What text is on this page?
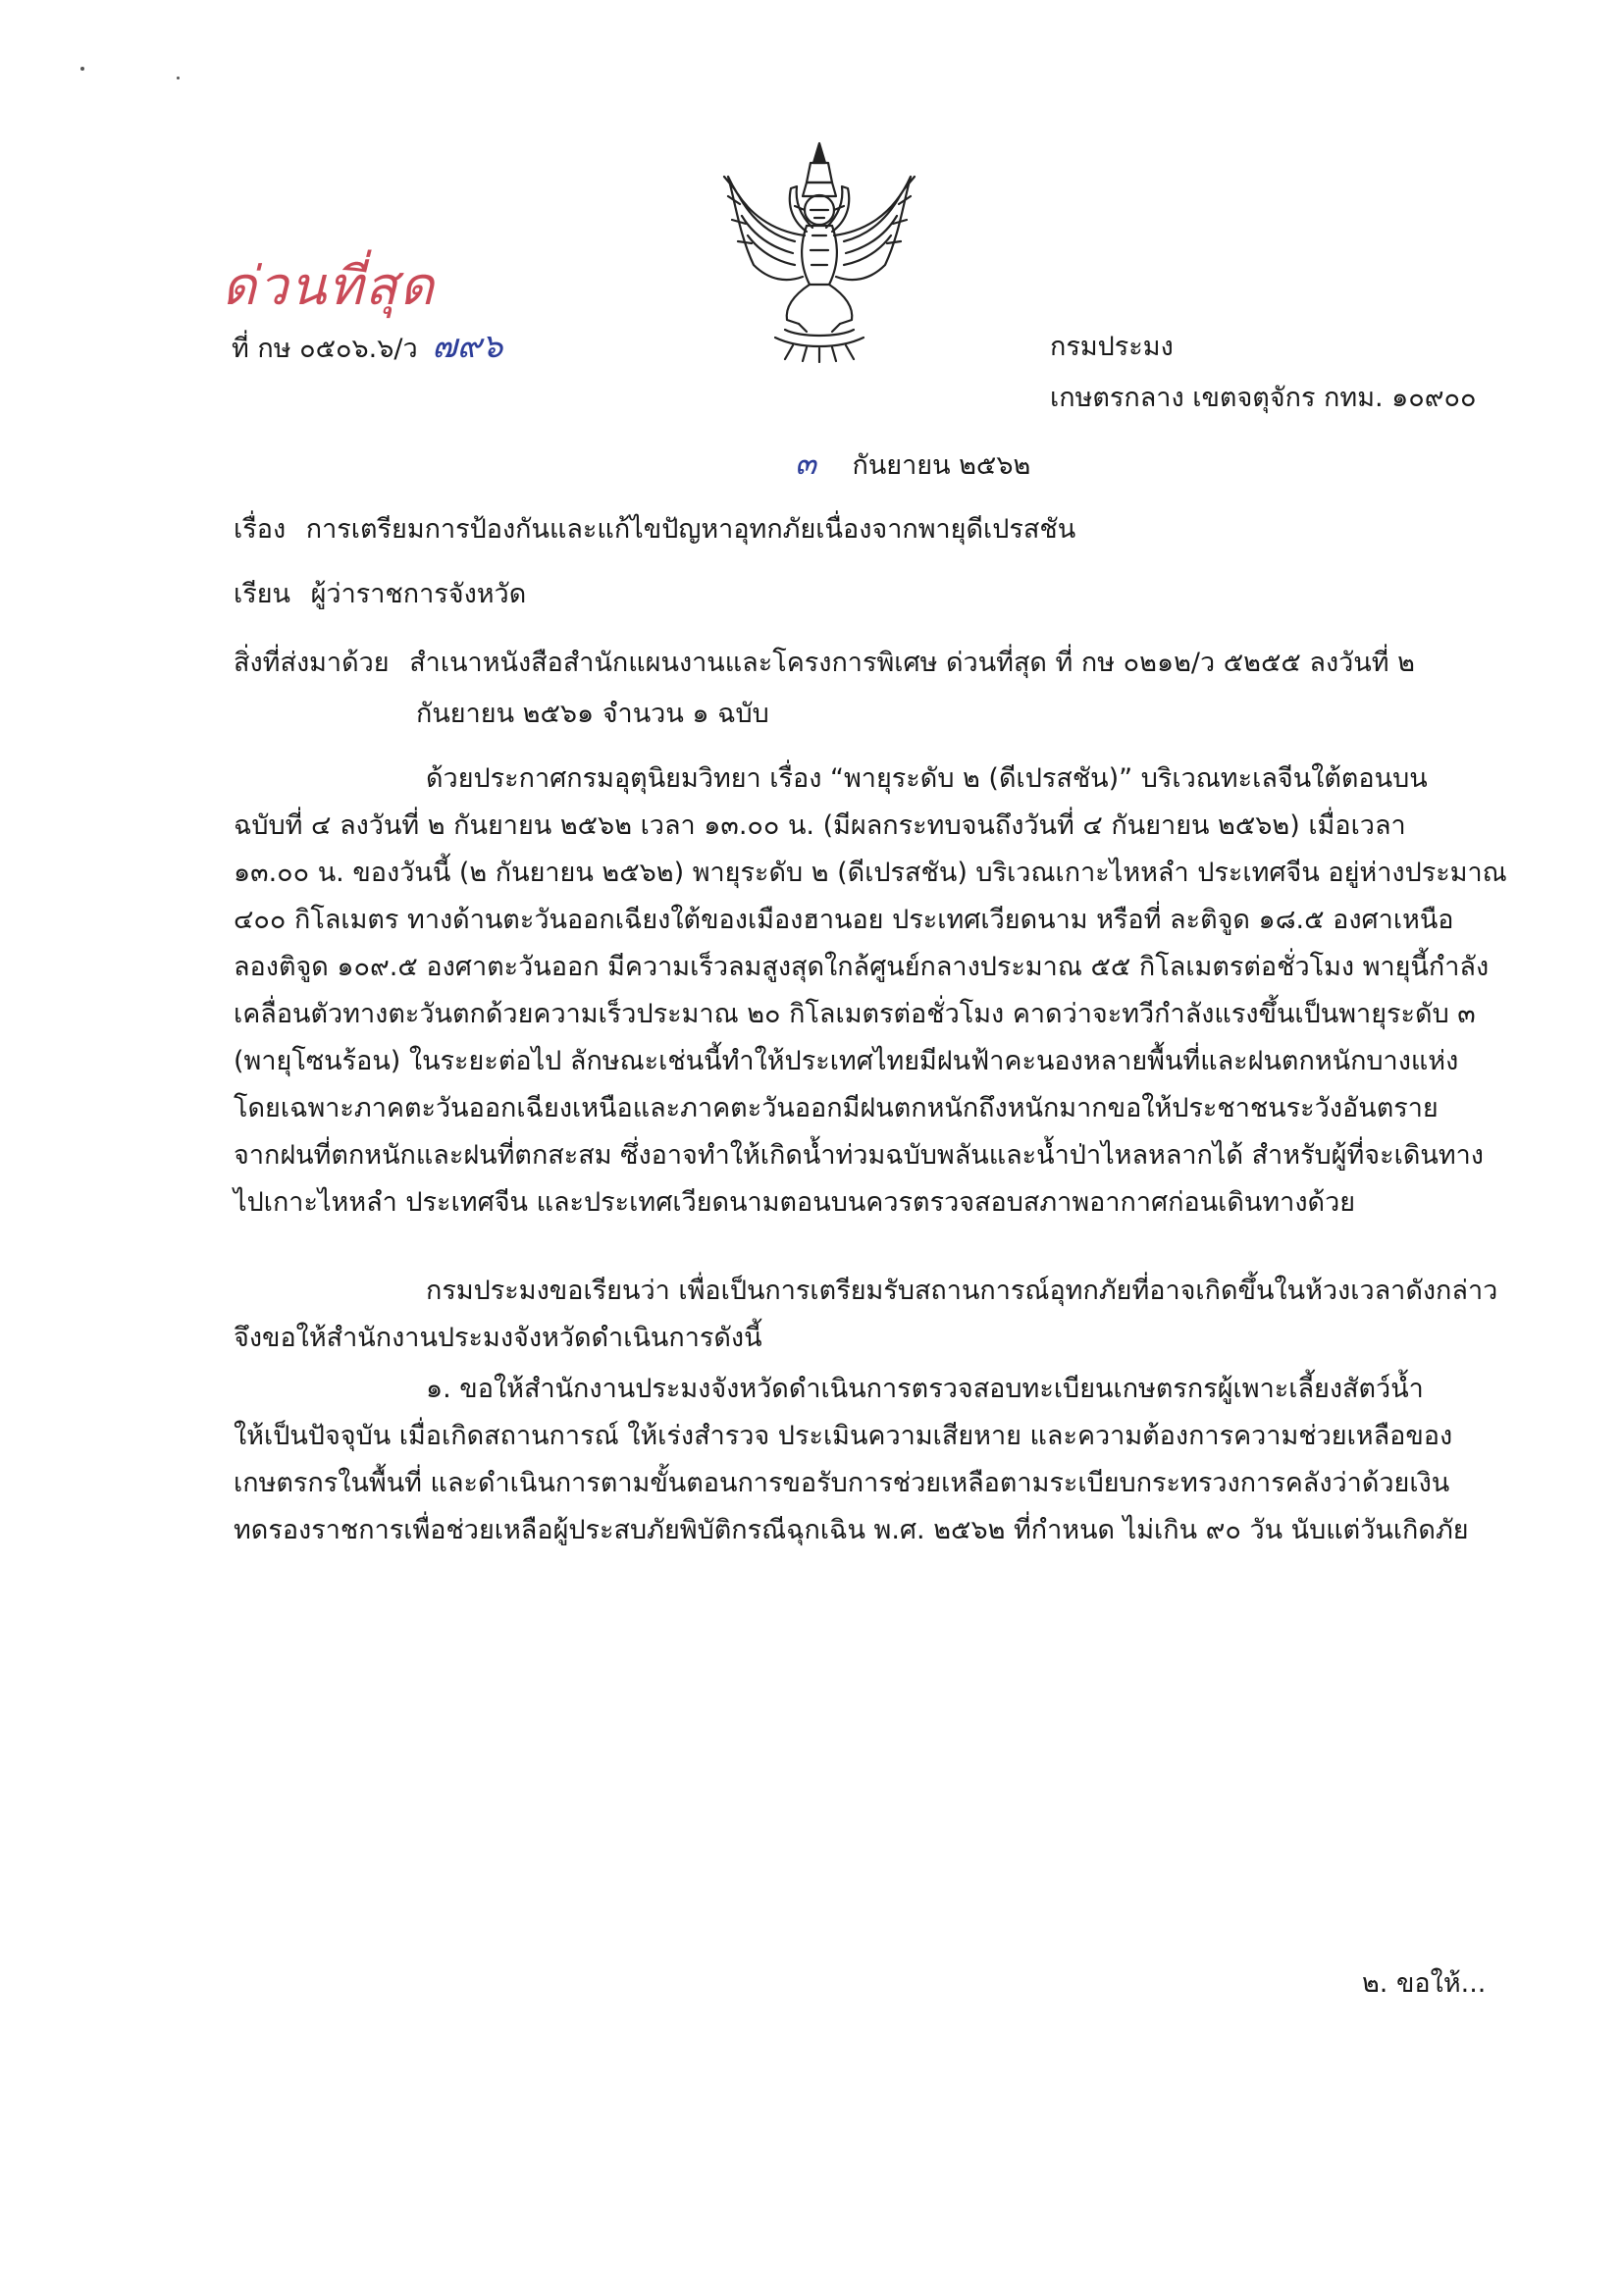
ด่วนที่สุด
ที่ กษ ๐๕๐๖.๖/ว ๗๙๖	กรมประมง
เกษตรกลาง เขตจตุจักร กทม. ๑๐๙๐๐
๓ กันยายน ๒๕๖๒
เรื่อง การเตรียมการป้องกันและแก้ไขปัญหาอุทกภัยเนื่องจากพายุดีเปรสชัน
เรียน ผู้ว่าราชการจังหวัด
สิ่งที่ส่งมาด้วย สำเนาหนังสือสำนักแผนงานและโครงการพิเศษ ด่วนที่สุด ที่ กษ ๐๒๑๒/ว ๕๒๕๕ ลงวันที่ ๒
กันยายน ๒๕๖๑ จำนวน ๑ ฉบับ
ด้วยประกาศกรมอุตุนิยมวิทยา เรื่อง “พายุระดับ ๒ (ดีเปรสชัน)” บริเวณทะเลจีนใต้ตอนบน
ฉบับที่ ๔ ลงวันที่ ๒ กันยายน ๒๕๖๒ เวลา ๑๓.๐๐ น. (มีผลกระทบจนถึงวันที่ ๔ กันยายน ๒๕๖๒) เมื่อเวลา
๑๓.๐๐ น. ของวันนี้ (๒ กันยายน ๒๕๖๒) พายุระดับ ๒ (ดีเปรสชัน) บริเวณเกาะไหหลำ ประเทศจีน อยู่ห่างประมาณ
๔๐๐ กิโลเมตร ทางด้านตะวันออกเฉียงใต้ของเมืองฮานอย ประเทศเวียดนาม หรือที่ ละติจูด ๑๘.๕ องศาเหนือ
ลองติจูด ๑๐๙.๕ องศาตะวันออก มีความเร็วลมสูงสุดใกล้ศูนย์กลางประมาณ ๕๕ กิโลเมตรต่อชั่วโมง พายุนี้กำลัง
เคลื่อนตัวทางตะวันตกด้วยความเร็วประมาณ ๒๐ กิโลเมตรต่อชั่วโมง คาดว่าจะทวีกำลังแรงขึ้นเป็นพายุระดับ ๓
(พายุโซนร้อน) ในระยะต่อไป ลักษณะเช่นนี้ทำให้ประเทศไทยมีฝนฟ้าคะนองหลายพื้นที่และฝนตกหนักบางแห่ง
โดยเฉพาะภาคตะวันออกเฉียงเหนือและภาคตะวันออกมีฝนตกหนักถึงหนักมากขอให้ประชาชนระวังอันตราย
จากฝนที่ตกหนักและฝนที่ตกสะสม ซึ่งอาจทำให้เกิดน้ำท่วมฉบับพลันและน้ำป่าไหลหลากได้ สำหรับผู้ที่จะเดินทาง
ไปเกาะไหหลำ ประเทศจีน และประเทศเวียดนามตอนบนควรตรวจสอบสภาพอากาศก่อนเดินทางด้วย
กรมประมงขอเรียนว่า เพื่อเป็นการเตรียมรับสถานการณ์อุทกภัยที่อาจเกิดขึ้นในห้วงเวลาดังกล่าว
จึงขอให้สำนักงานประมงจังหวัดดำเนินการดังนี้
๑. ขอให้สำนักงานประมงจังหวัดดำเนินการตรวจสอบทะเบียนเกษตรกรผู้เพาะเลี้ยงสัตว์น้ำ
ให้เป็นปัจจุบัน เมื่อเกิดสถานการณ์ ให้เร่งสำรวจ ประเมินความเสียหาย และความต้องการความช่วยเหลือของ
เกษตรกรในพื้นที่ และดำเนินการตามขั้นตอนการขอรับการช่วยเหลือตามระเบียบกระทรวงการคลังว่าด้วยเงิน
ทดรองราชการเพื่อช่วยเหลือผู้ประสบภัยพิบัติกรณีฉุกเฉิน พ.ศ. ๒๕๖๒ ที่กำหนด ไม่เกิน ๙๐ วัน นับแต่วันเกิดภัย
๒. ขอให้...
